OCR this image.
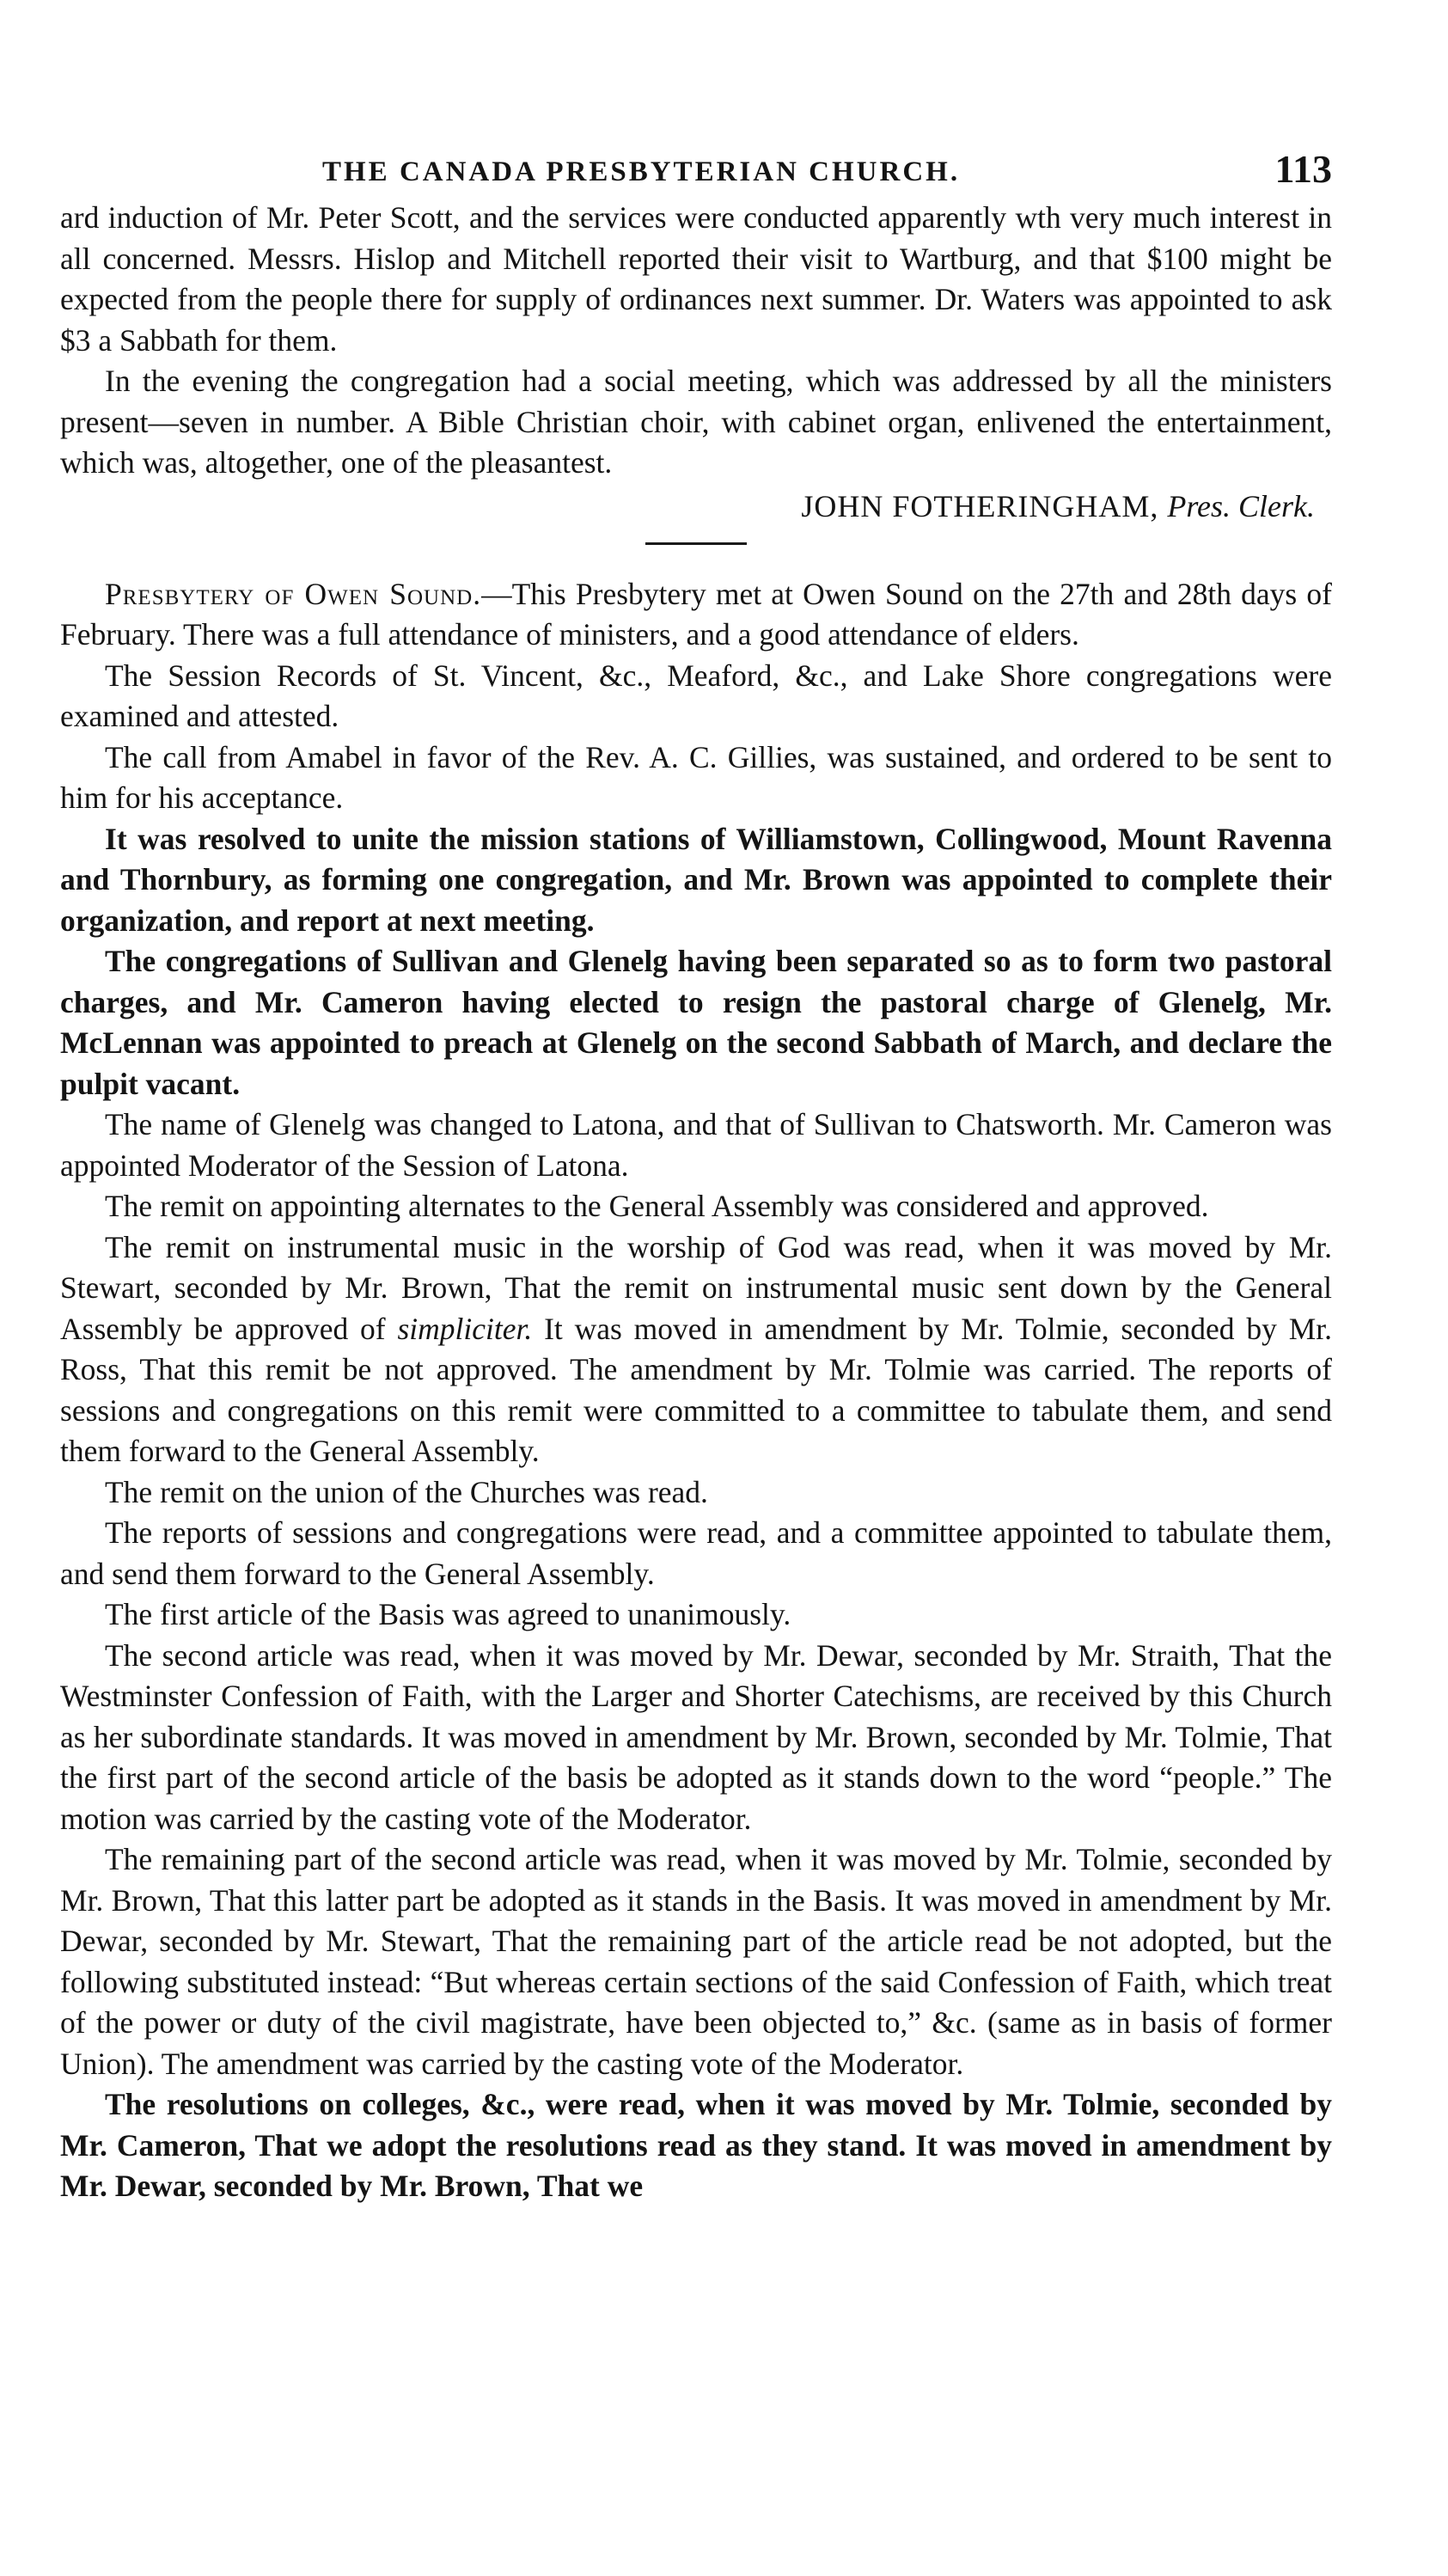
THE CANADA PRESBYTERIAN CHURCH.	113

ard induction of Mr. Peter Scott, and the services were conducted apparently wth very much interest in all concerned. Messrs. Hislop and Mitchell reported their visit to Wartburg, and that $100 might be expected from the people there for supply of ordinances next summer. Dr. Waters was appointed to ask $3 a Sabbath for them.

In the evening the congregation had a social meeting, which was addressed by all the ministers present—seven in number. A Bible Christian choir, with cabinet organ, enlivened the entertainment, which was, altogether, one of the pleasantest.

JOHN FOTHERINGHAM, Pres. Clerk.

Presbytery of Owen Sound.—This Presbytery met at Owen Sound on the 27th and 28th days of February. There was a full attendance of ministers, and a good attendance of elders.

The Session Records of St. Vincent, &c., Meaford, &c., and Lake Shore congregations were examined and attested.

The call from Amabel in favor of the Rev. A. C. Gillies, was sustained, and ordered to be sent to him for his acceptance.

It was resolved to unite the mission stations of Williamstown, Collingwood, Mount Ravenna and Thornbury, as forming one congregation, and Mr. Brown was appointed to complete their organization, and report at next meeting.

The congregations of Sullivan and Glenelg having been separated so as to form two pastoral charges, and Mr. Cameron having elected to resign the pastoral charge of Glenelg, Mr. McLennan was appointed to preach at Glenelg on the second Sabbath of March, and declare the pulpit vacant.

The name of Glenelg was changed to Latona, and that of Sullivan to Chatsworth. Mr. Cameron was appointed Moderator of the Session of Latona.

The remit on appointing alternates to the General Assembly was considered and approved.

The remit on instrumental music in the worship of God was read, when it was moved by Mr. Stewart, seconded by Mr. Brown, That the remit on instrumental music sent down by the General Assembly be approved of simpliciter. It was moved in amendment by Mr. Tolmie, seconded by Mr. Ross, That this remit be not approved. The amendment by Mr. Tolmie was carried. The reports of sessions and congregations on this remit were committed to a committee to tabulate them, and send them forward to the General Assembly.

The remit on the union of the Churches was read.

The reports of sessions and congregations were read, and a committee appointed to tabulate them, and send them forward to the General Assembly.

The first article of the Basis was agreed to unanimously.

The second article was read, when it was moved by Mr. Dewar, seconded by Mr. Straith, That the Westminster Confession of Faith, with the Larger and Shorter Catechisms, are received by this Church as her subordinate standards. It was moved in amendment by Mr. Brown, seconded by Mr. Tolmie, That the first part of the second article of the basis be adopted as it stands down to the word “people.” The motion was carried by the casting vote of the Moderator.

The remaining part of the second article was read, when it was moved by Mr. Tolmie, seconded by Mr. Brown, That this latter part be adopted as it stands in the Basis. It was moved in amendment by Mr. Dewar, seconded by Mr. Stewart, That the remaining part of the article read be not adopted, but the following substituted instead: “But whereas certain sections of the said Confession of Faith, which treat of the power or duty of the civil magistrate, have been objected to,” &c. (same as in basis of former Union). The amendment was carried by the casting vote of the Moderator.

The resolutions on colleges, &c., were read, when it was moved by Mr. Tolmie, seconded by Mr. Cameron, That we adopt the resolutions read as they stand. It was moved in amendment by Mr. Dewar, seconded by Mr. Brown, That we
